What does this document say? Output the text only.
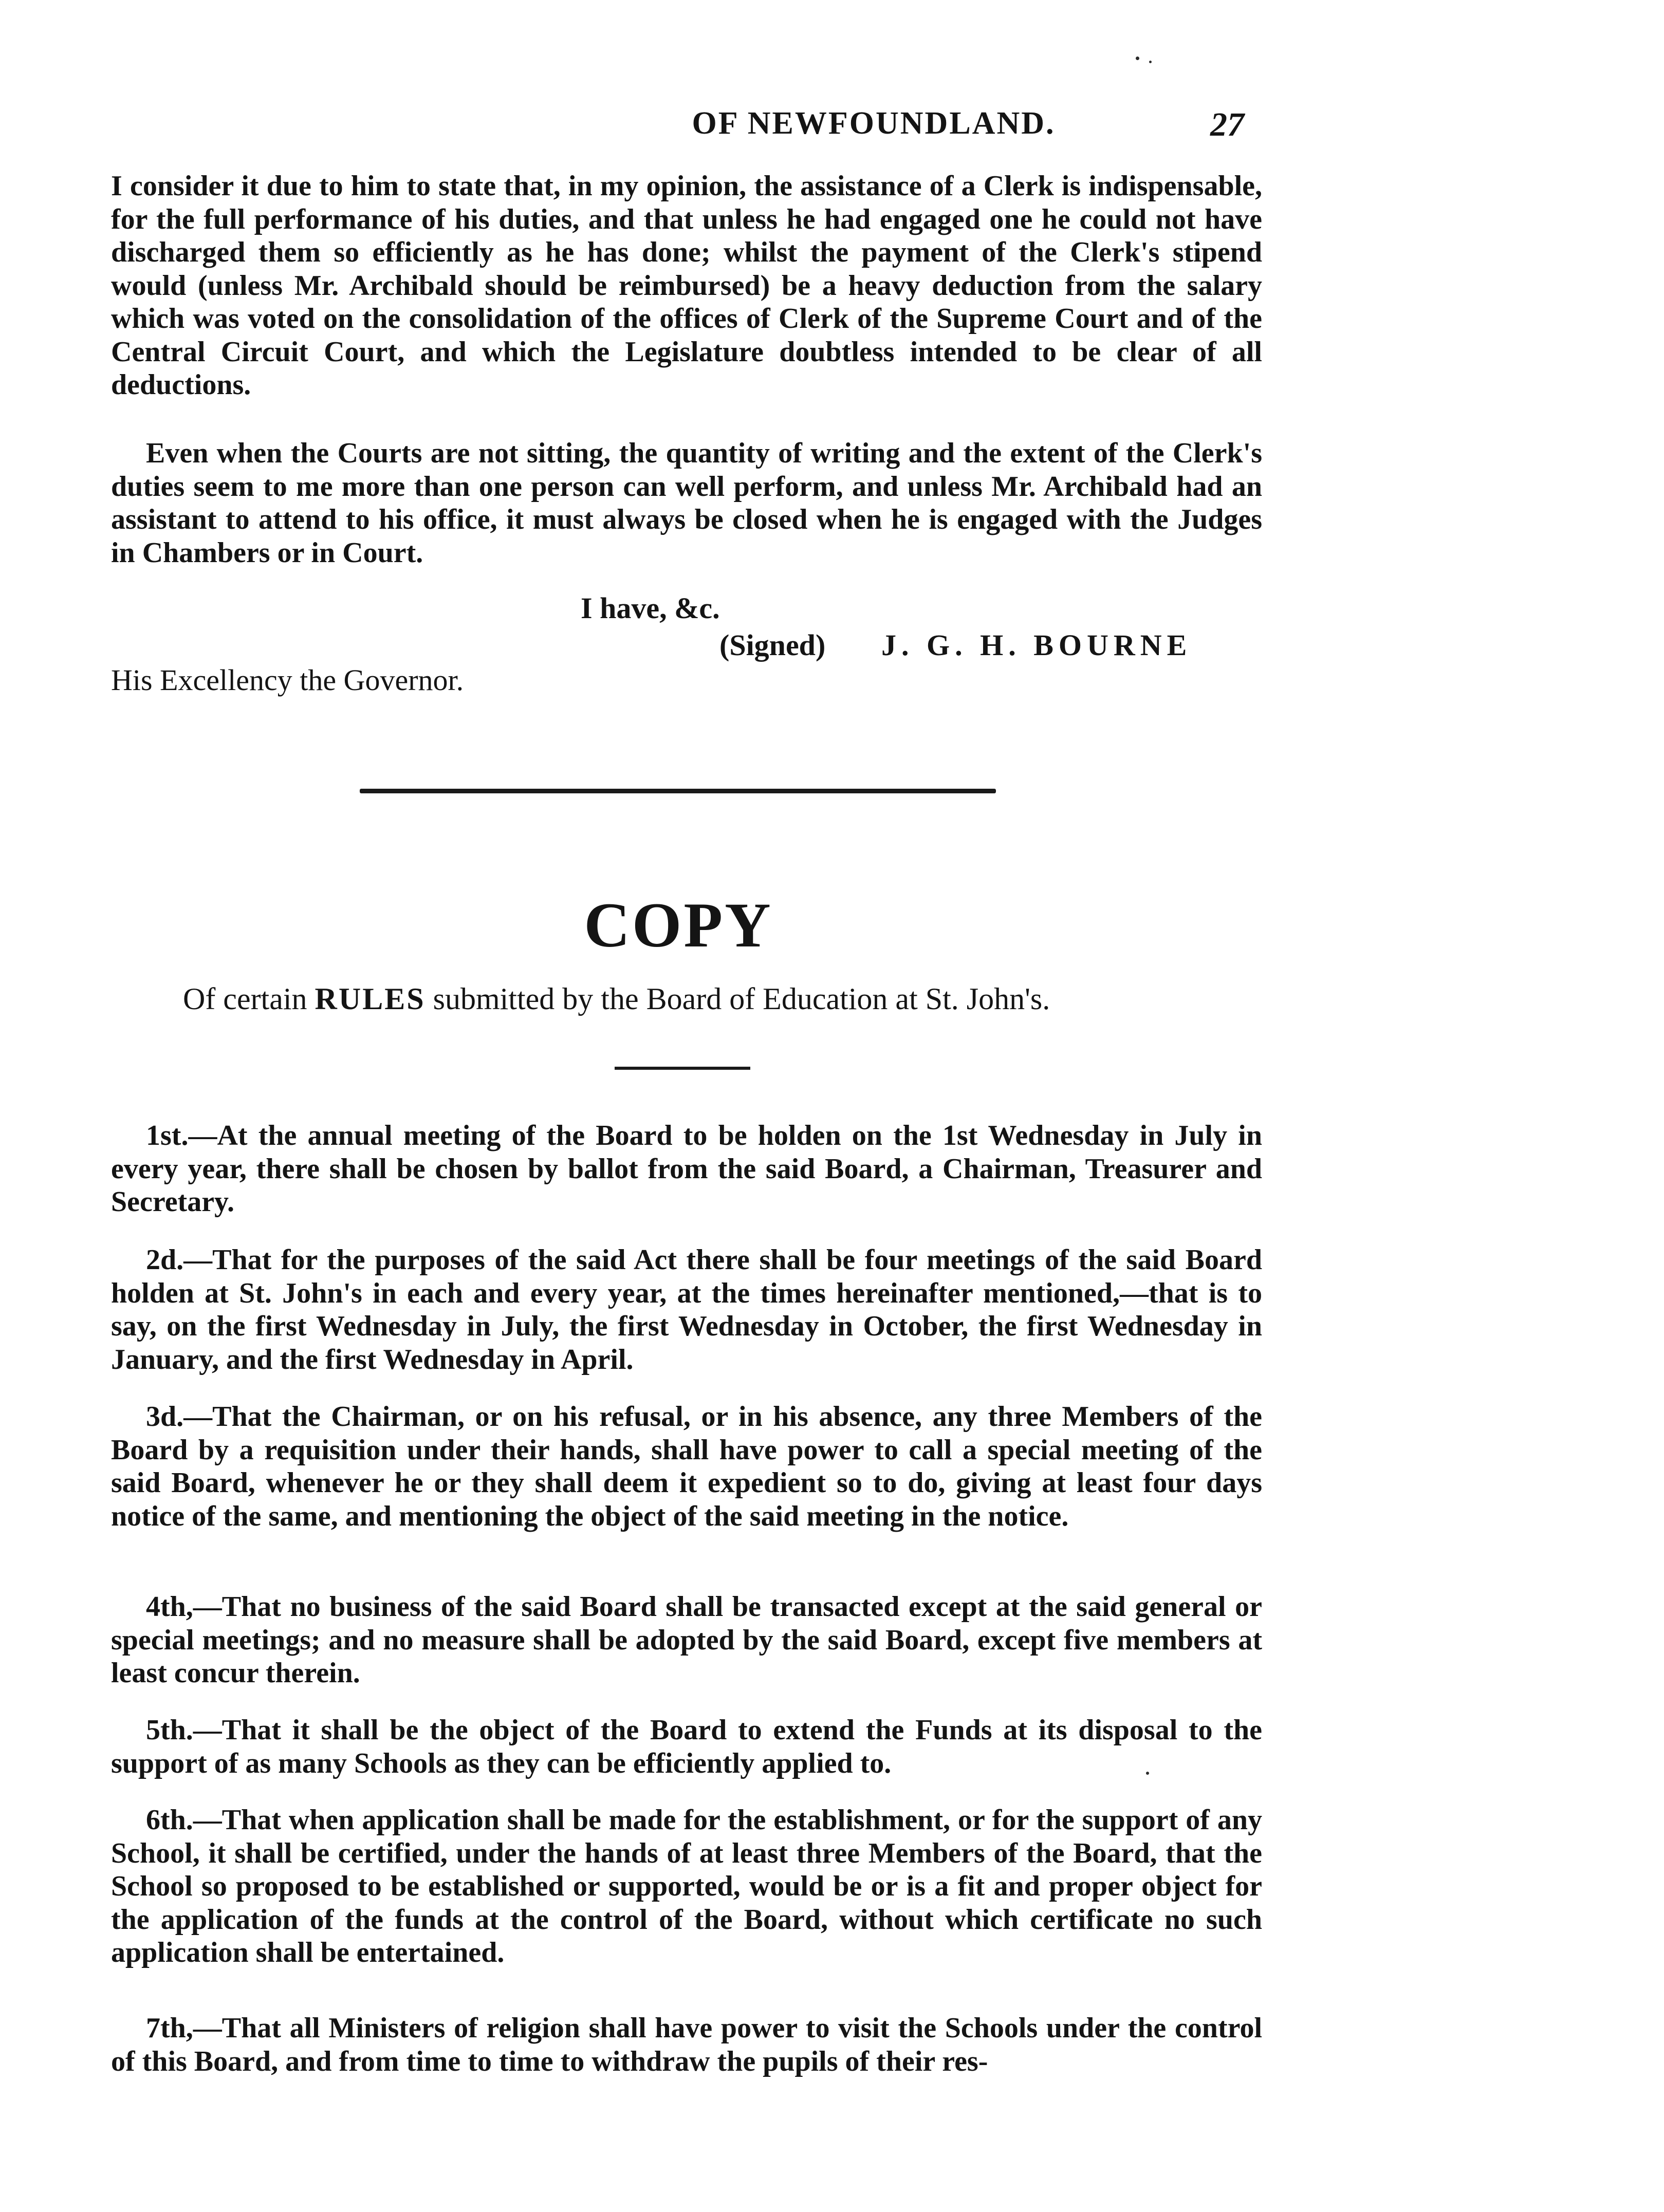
OF NEWFOUNDLAND.	27
I consider it due to him to state that, in my opinion, the assistance of a Clerk is indispensable, for the full performance of his duties, and that unless he had engaged one he could not have discharged them so efficiently as he has done; whilst the payment of the Clerk's stipend would (unless Mr. Archibald should be reimbursed) be a heavy deduction from the salary which was voted on the consolidation of the offices of Clerk of the Supreme Court and of the Central Circuit Court, and which the Legislature doubtless intended to be clear of all deductions.
Even when the Courts are not sitting, the quantity of writing and the extent of the Clerk's duties seem to me more than one person can well perform, and unless Mr. Archibald had an assistant to attend to his office, it must always be closed when he is engaged with the Judges in Chambers or in Court.
I have, &c.
(Signed) J. G. H. BOURNE
His Excellency the Governor.
COPY
Of certain RULES submitted by the Board of Education at St. John's.
1st.—At the annual meeting of the Board to be holden on the 1st Wednesday in July in every year, there shall be chosen by ballot from the said Board, a Chairman, Treasurer and Secretary.
2d.—That for the purposes of the said Act there shall be four meetings of the said Board holden at St. John's in each and every year, at the times hereinafter mentioned,—that is to say, on the first Wednesday in July, the first Wednesday in October, the first Wednesday in January, and the first Wednesday in April.
3d.—That the Chairman, or on his refusal, or in his absence, any three Members of the Board by a requisition under their hands, shall have power to call a special meeting of the said Board, whenever he or they shall deem it expedient so to do, giving at least four days notice of the same, and mentioning the object of the said meeting in the notice.
4th,—That no business of the said Board shall be transacted except at the said general or special meetings; and no measure shall be adopted by the said Board, except five members at least concur therein.
5th.—That it shall be the object of the Board to extend the Funds at its disposal to the support of as many Schools as they can be efficiently applied to.
6th.—That when application shall be made for the establishment, or for the support of any School, it shall be certified, under the hands of at least three Members of the Board, that the School so proposed to be established or supported, would be or is a fit and proper object for the application of the funds at the control of the Board, without which certificate no such application shall be entertained.
7th,—That all Ministers of religion shall have power to visit the Schools under the control of this Board, and from time to time to withdraw the pupils of their res-
